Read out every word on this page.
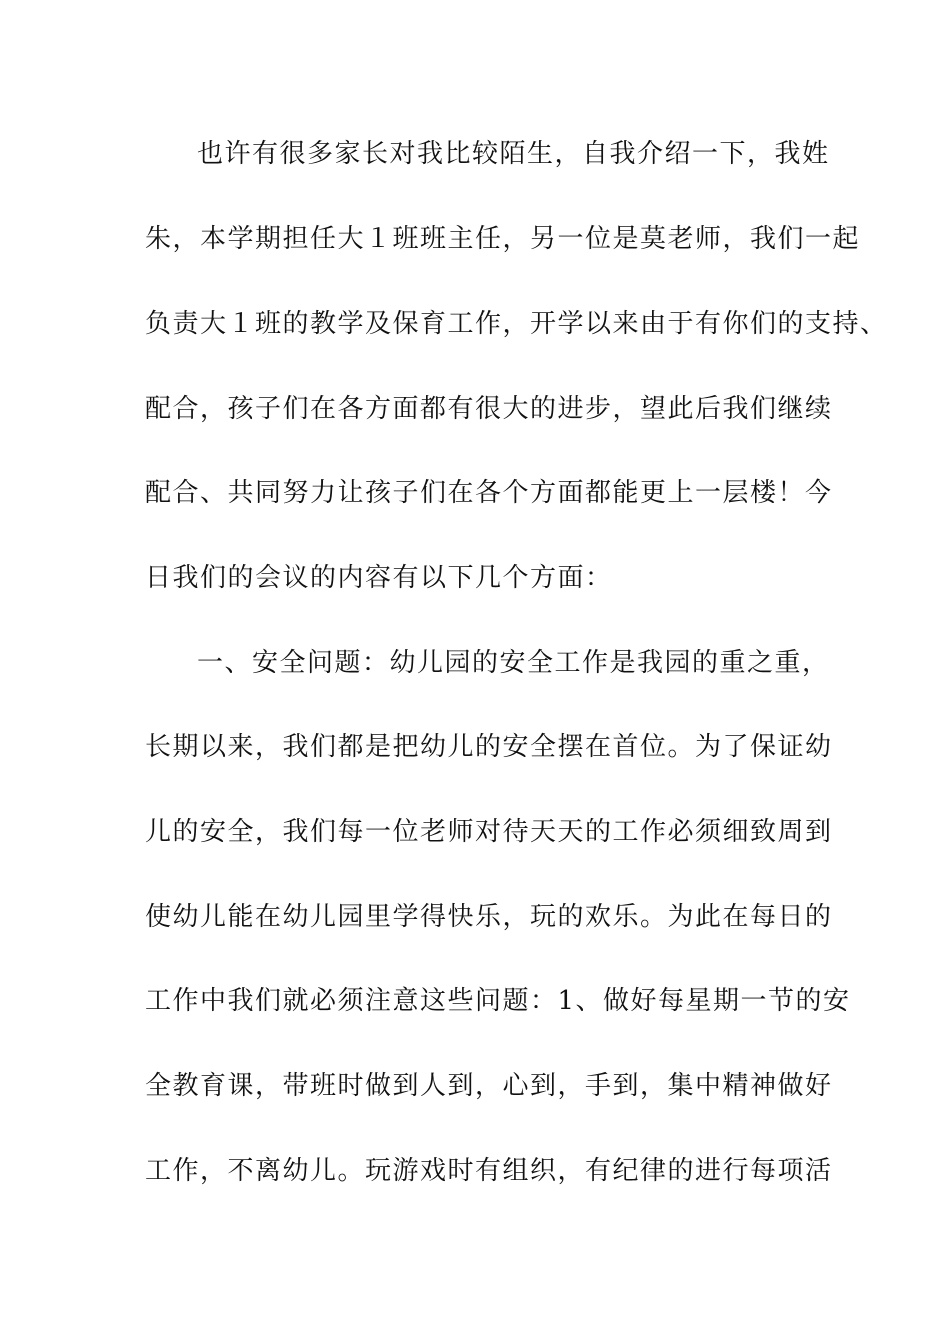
也许有很多家长对我比较陌生，自我介绍一下，我姓

朱，本学期担任大１班班主任，另一位是莫老师，我们一起

负责大１班的教学及保育工作，开学以来由于有你们的支持、

配合，孩子们在各方面都有很大的进步，望此后我们继续

配合、共同努力让孩子们在各个方面都能更上一层楼！今

日我们的会议的内容有以下几个方面：

一、安全问题：幼儿园的安全工作是我园的重之重，

长期以来，我们都是把幼儿的安全摆在首位。为了保证幼

儿的安全，我们每一位老师对待天天的工作必须细致周到

使幼儿能在幼儿园里学得快乐，玩的欢乐。为此在每日的

工作中我们就必须注意这些问题：1、做好每星期一节的安

全教育课，带班时做到人到，心到，手到，集中精神做好

工作，不离幼儿。玩游戏时有组织，有纪律的进行每项活
